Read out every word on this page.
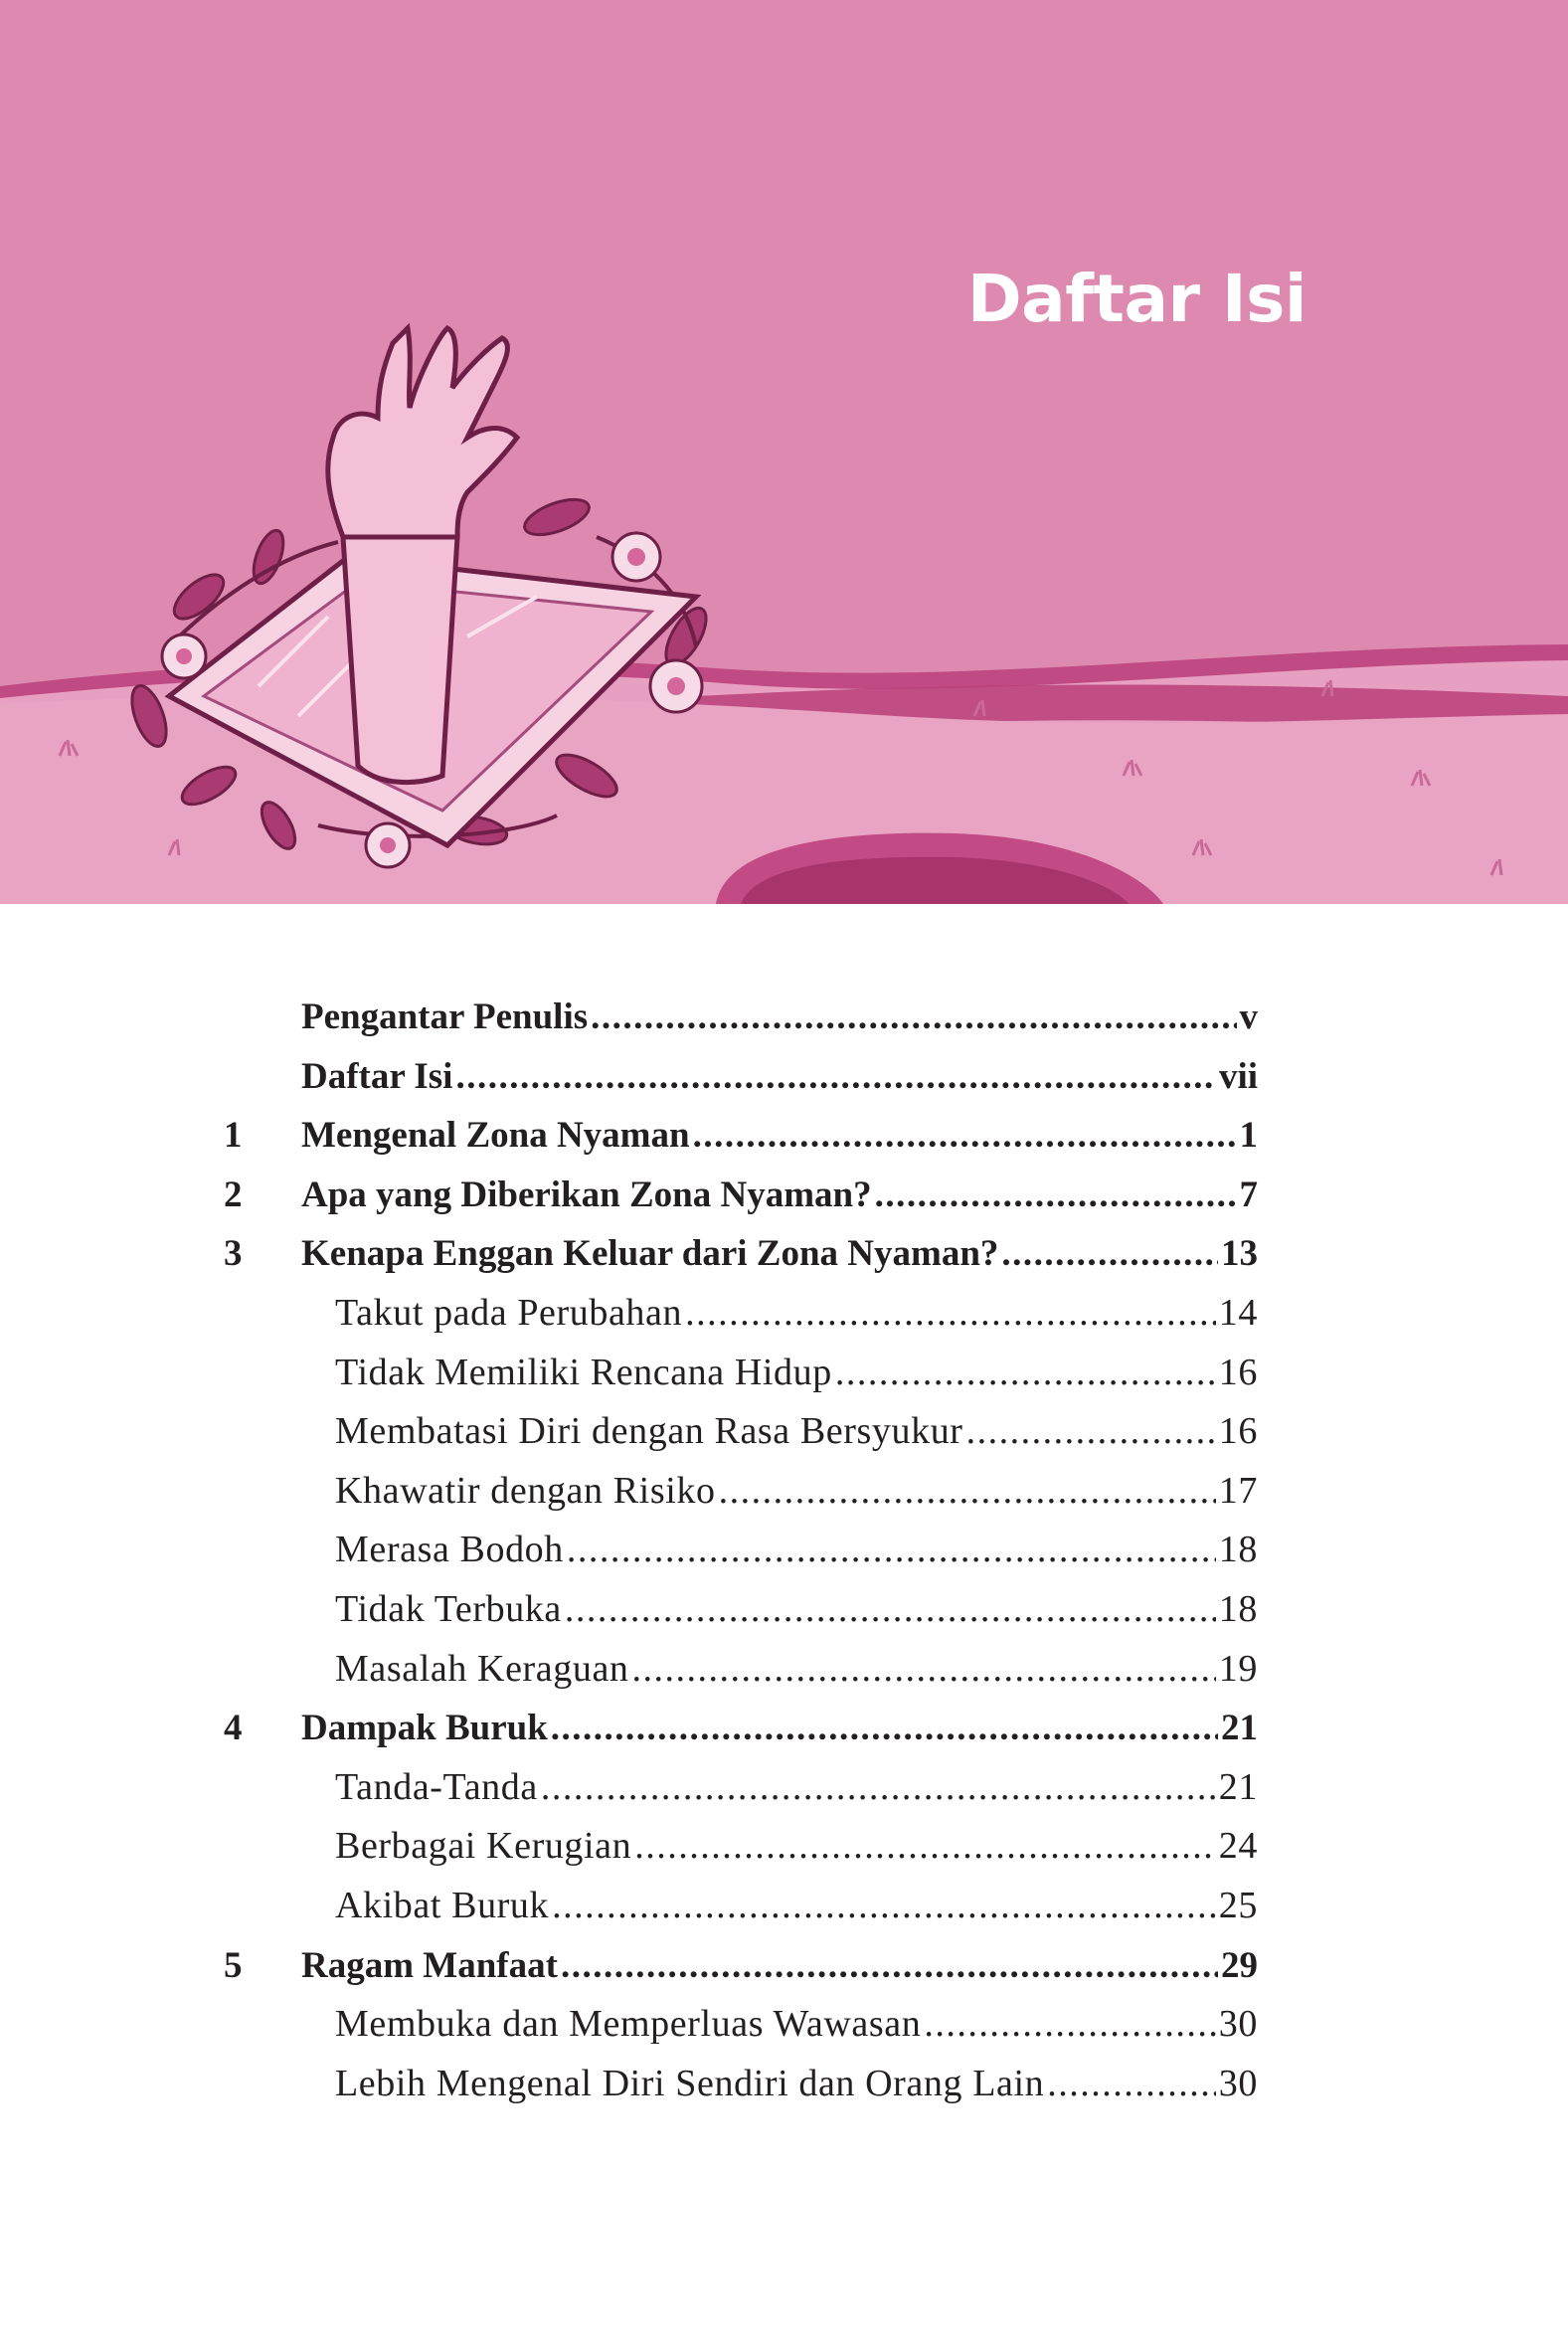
Daftar Isi
Pengantar Penulis .....	v
Daftar Isi .....	vii
1	Mengenal Zona Nyaman .....	1
2	Apa yang Diberikan Zona Nyaman? .....	7
3	Kenapa Enggan Keluar dari Zona Nyaman? .....	13
Takut pada Perubahan .....	14
Tidak Memiliki Rencana Hidup .....	16
Membatasi Diri dengan Rasa Bersyukur .....	16
Khawatir dengan Risiko .....	17
Merasa Bodoh .....	18
Tidak Terbuka .....	18
Masalah Keraguan .....	19
4	Dampak Buruk .....	21
Tanda-Tanda .....	21
Berbagai Kerugian .....	24
Akibat Buruk .....	25
5	Ragam Manfaat .....	29
Membuka dan Memperluas Wawasan .....	30
Lebih Mengenal Diri Sendiri dan Orang Lain .....	30
